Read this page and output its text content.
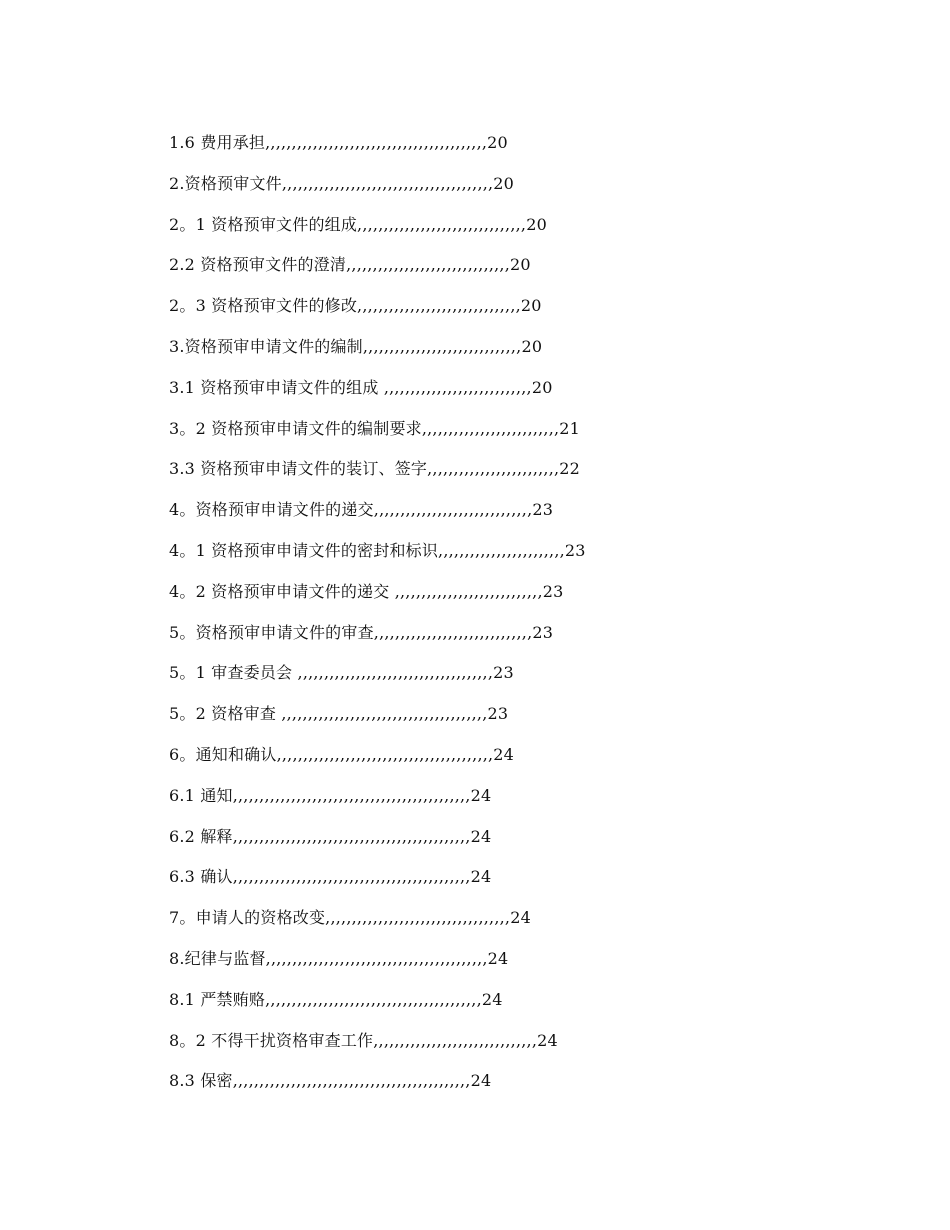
1.6 费用承担,,,,,,,,,,,,,,,,,,,,,,,,,,,,,,,,,,,,,,,,,,20
2.资格预审文件,,,,,,,,,,,,,,,,,,,,,,,,,,,,,,,,,,,,,,,,20
2。1 资格预审文件的组成,,,,,,,,,,,,,,,,,,,,,,,,,,,,,,,,20
2.2 资格预审文件的澄清,,,,,,,,,,,,,,,,,,,,,,,,,,,,,,,20
2。3 资格预审文件的修改,,,,,,,,,,,,,,,,,,,,,,,,,,,,,,,20
3.资格预审申请文件的编制,,,,,,,,,,,,,,,,,,,,,,,,,,,,,,20
3.1 资格预审申请文件的组成 ,,,,,,,,,,,,,,,,,,,,,,,,,,,,20
3。2 资格预审申请文件的编制要求,,,,,,,,,,,,,,,,,,,,,,,,,,21
3.3 资格预审申请文件的装订、签字,,,,,,,,,,,,,,,,,,,,,,,,,22
4。资格预审申请文件的递交,,,,,,,,,,,,,,,,,,,,,,,,,,,,,,23
4。1 资格预审申请文件的密封和标识,,,,,,,,,,,,,,,,,,,,,,,,23
4。2 资格预审申请文件的递交 ,,,,,,,,,,,,,,,,,,,,,,,,,,,,23
5。资格预审申请文件的审查,,,,,,,,,,,,,,,,,,,,,,,,,,,,,,23
5。1 审查委员会 ,,,,,,,,,,,,,,,,,,,,,,,,,,,,,,,,,,,,,23
5。2 资格审查 ,,,,,,,,,,,,,,,,,,,,,,,,,,,,,,,,,,,,,,,23
6。通知和确认,,,,,,,,,,,,,,,,,,,,,,,,,,,,,,,,,,,,,,,,,24
6.1 通知,,,,,,,,,,,,,,,,,,,,,,,,,,,,,,,,,,,,,,,,,,,,,24
6.2 解释,,,,,,,,,,,,,,,,,,,,,,,,,,,,,,,,,,,,,,,,,,,,,24
6.3 确认,,,,,,,,,,,,,,,,,,,,,,,,,,,,,,,,,,,,,,,,,,,,,24
7。申请人的资格改变,,,,,,,,,,,,,,,,,,,,,,,,,,,,,,,,,,,24
8.纪律与监督,,,,,,,,,,,,,,,,,,,,,,,,,,,,,,,,,,,,,,,,,,24
8.1 严禁贿赂,,,,,,,,,,,,,,,,,,,,,,,,,,,,,,,,,,,,,,,,,24
8。2 不得干扰资格审查工作,,,,,,,,,,,,,,,,,,,,,,,,,,,,,,,24
8.3 保密,,,,,,,,,,,,,,,,,,,,,,,,,,,,,,,,,,,,,,,,,,,,,24
